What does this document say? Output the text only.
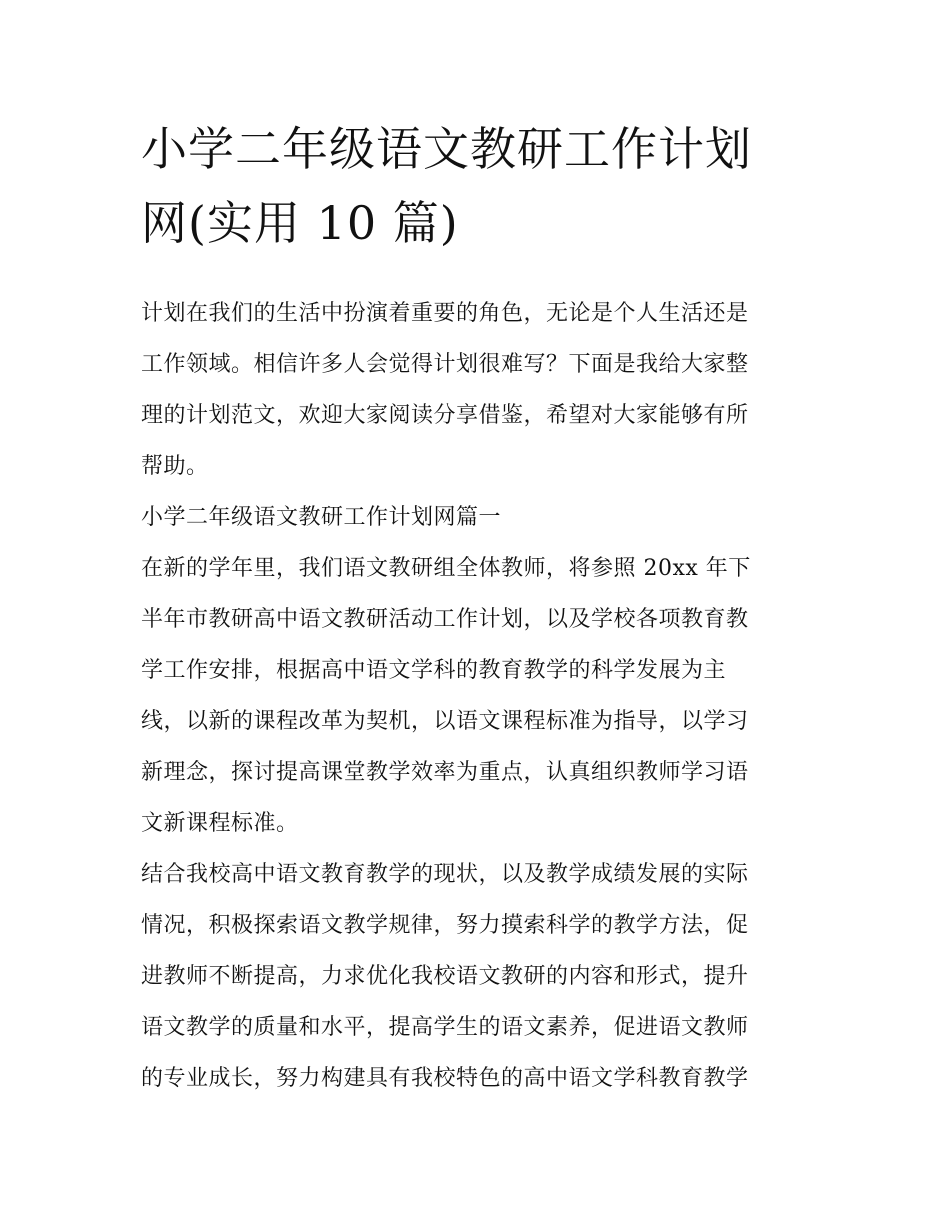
小学二年级语文教研工作计划
网(实用 10 篇)

计划在我们的生活中扮演着重要的角色，无论是个人生活还是
工作领域。相信许多人会觉得计划很难写？下面是我给大家整
理的计划范文，欢迎大家阅读分享借鉴，希望对大家能够有所
帮助。

小学二年级语文教研工作计划网篇一

在新的学年里，我们语文教研组全体教师，将参照 20xx 年下
半年市教研高中语文教研活动工作计划，以及学校各项教育教
学工作安排，根据高中语文学科的教育教学的科学发展为主
线，以新的课程改革为契机，以语文课程标准为指导，以学习
新理念，探讨提高课堂教学效率为重点，认真组织教师学习语
文新课程标准。

结合我校高中语文教育教学的现状，以及教学成绩发展的实际
情况，积极探索语文教学规律，努力摸索科学的教学方法，促
进教师不断提高，力求优化我校语文教研的内容和形式，提升
语文教学的质量和水平，提高学生的语文素养，促进语文教师
的专业成长，努力构建具有我校特色的高中语文学科教育教学
